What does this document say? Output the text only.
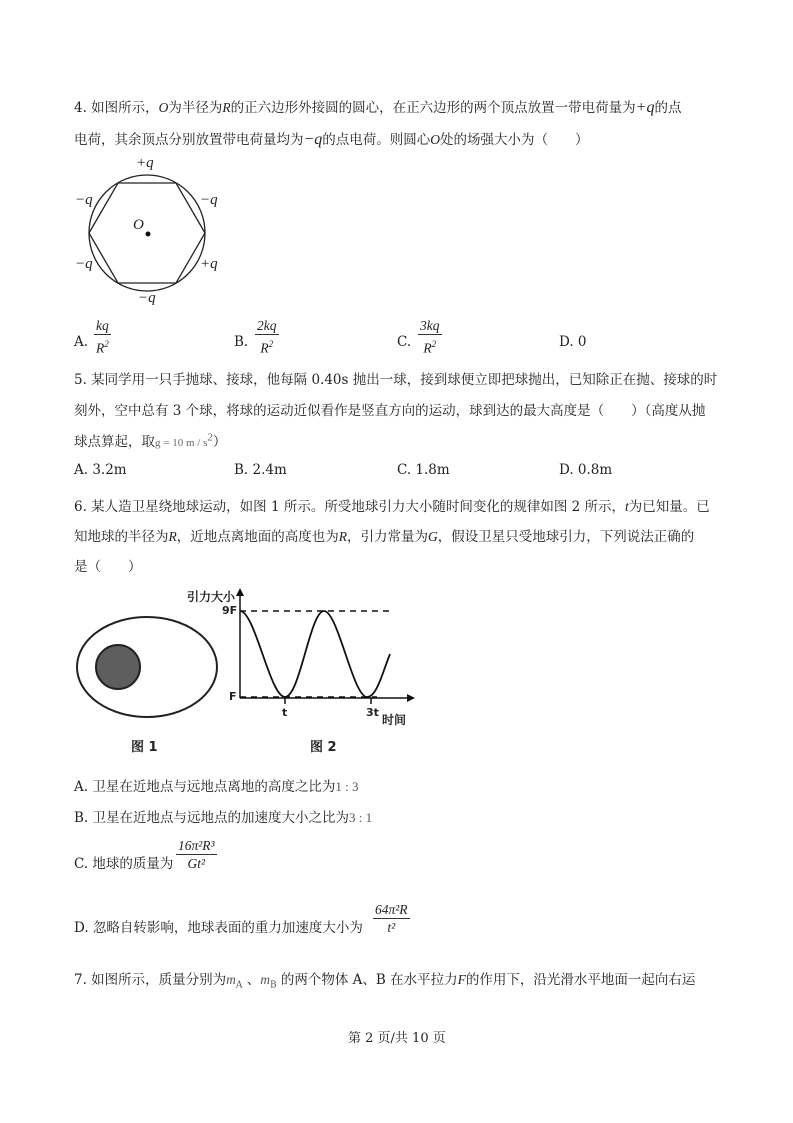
4. 如图所示，O为半径为R的正六边形外接圆的圆心，在正六边形的两个顶点放置一带电荷量为+q的点
电荷，其余顶点分别放置带电荷量均为−q的点电荷。则圆心O处的场强大小为（　　）
+q
−q	−q
O
−q	+q
−q
A.
kq
$R^2$	B.
2kq
$R^2$	C.
3kq
$R^2$	D. 0
5. 某同学用一只手抛球、接球，他每隔 0.40s 抛出一球，接到球便立即把球抛出，已知除正在抛、接球的时
刻外，空中总有 3 个球，将球的运动近似看作是竖直方向的运动，球到达的最大高度是（　　）（高度从抛
球点算起，取g = 10 m / $s^2$）
A. 3.2m	B. 2.4m	C. 1.8m	D. 0.8m
6. 某人造卫星绕地球运动，如图 1 所示。所受地球引力大小随时间变化的规律如图 2 所示，t为已知量。已
知地球的半径为R，近地点离地面的高度也为R，引力常量为G，假设卫星只受地球引力，下列说法正确的
是（　　）
图 1
引力大小
9F
F
t	3t
时间
图 2
A. 卫星在近地点与远地点离地的高度之比为1 : 3
B. 卫星在近地点与远地点的加速度大小之比为3 : 1
C. 地球的质量为
16π²R³
Gt²
D. 忽略自转影响，地球表面的重力加速度大小为
64π²R
t²
7. 如图所示，质量分别为$m_A$ 、$m_B$ 的两个物体 A、B 在水平拉力F的作用下，沿光滑水平地面一起向右运
第 2 页/共 10 页
